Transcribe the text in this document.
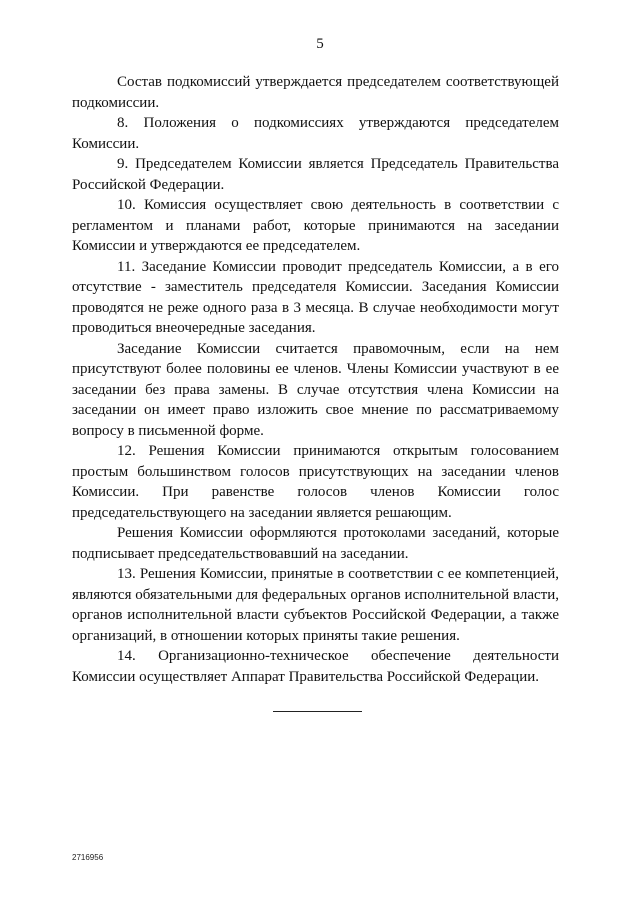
5

Состав подкомиссий утверждается председателем соответствующей подкомиссии.

8. Положения о подкомиссиях утверждаются председателем Комиссии.

9. Председателем Комиссии является Председатель Правительства Российской Федерации.

10. Комиссия осуществляет свою деятельность в соответствии с регламентом и планами работ, которые принимаются на заседании Комиссии и утверждаются ее председателем.

11. Заседание Комиссии проводит председатель Комиссии, а в его отсутствие - заместитель председателя Комиссии. Заседания Комиссии проводятся не реже одного раза в 3 месяца. В случае необходимости могут проводиться внеочередные заседания.

Заседание Комиссии считается правомочным, если на нем присутствуют более половины ее членов. Члены Комиссии участвуют в ее заседании без права замены. В случае отсутствия члена Комиссии на заседании он имеет право изложить свое мнение по рассматриваемому вопросу в письменной форме.

12. Решения Комиссии принимаются открытым голосованием простым большинством голосов присутствующих на заседании членов Комиссии. При равенстве голосов членов Комиссии голос председательствующего на заседании является решающим.

Решения Комиссии оформляются протоколами заседаний, которые подписывает председательствовавший на заседании.

13. Решения Комиссии, принятые в соответствии с ее компетенцией, являются обязательными для федеральных органов исполнительной власти, органов исполнительной власти субъектов Российской Федерации, а также организаций, в отношении которых приняты такие решения.

14. Организационно-техническое обеспечение деятельности Комиссии осуществляет Аппарат Правительства Российской Федерации.

2716956
